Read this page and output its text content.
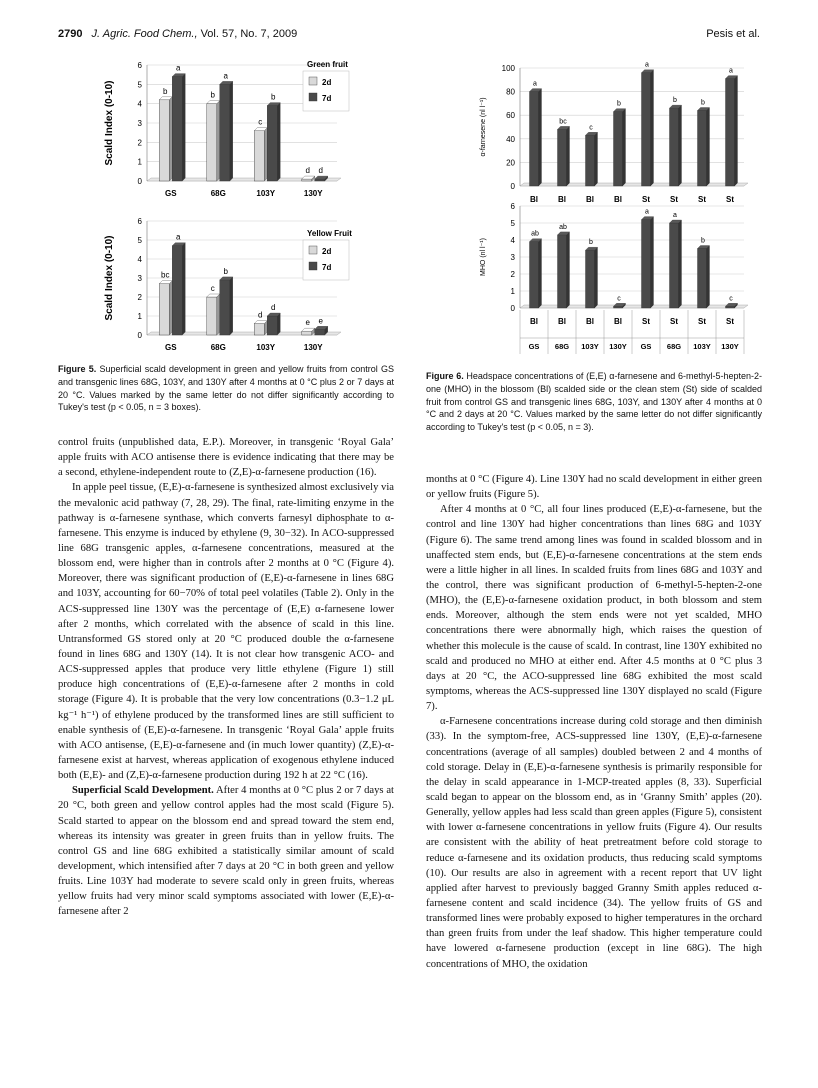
2790 J. Agric. Food Chem., Vol. 57, No. 7, 2009	Pesis et al.
0
1
2
3
4
5
6
Scald Index (0-10)	b
a
GS
b
a
68G
c
b
103Y
d d
130Y
Green fruit
2d
7d
0
1
2
3
4
5
6
Scald Index (0-10)	bc
a
GS
c
b
68G
d
d
103Y
e e
130Y
Yellow Fruit
2d
7d
0
20
40
60
80
100
α-farnesene (nl l⁻¹)
a
Bl
bc
Bl
c
Bl
b
Bl
a
St
b
St
b
St
a
St
0
1
2
3
4
5
6
MHO (nl l⁻¹)
ab
Bl
GS
ab
Bl
68G
b
Bl
103Y
c
Bl
130Y
a
St
GS
a
St
68G
b
St
103Y
c
St
130Y
Figure 5. Superficial scald development in green and yellow fruits from control GS and transgenic lines 68G, 103Y, and 130Y after 4 months at 0 °C plus 2 or 7 days at 20 °C. Values marked by the same letter do not differ significantly according to Tukey's test (p < 0.05, n = 3 boxes).
Figure 6. Headspace concentrations of (E,E) α-farnesene and 6-methyl-5-hepten-2-one (MHO) in the blossom (Bl) scalded side or the clean stem (St) side of scalded fruit from control GS and transgenic lines 68G, 103Y, and 130Y after 4 months at 0 °C and 2 days at 20 °C. Values marked by the same letter do not differ significantly according to Tukey's test (p < 0.05, n = 3).

control fruits (unpublished data, E.P.). Moreover, in transgenic ‘Royal Gala’ apple fruits with ACO antisense there is evidence indicating that there may be a second, ethylene-independent route to (Z,E)-α-farnesene production (16).

In apple peel tissue, (E,E)-α-farnesene is synthesized almost exclusively via the mevalonic acid pathway (7, 28, 29). The final, rate-limiting enzyme in the pathway is α-farnesene synthase, which converts farnesyl diphosphate to α-farnesene. This enzyme is induced by ethylene (9, 30−32). In ACO-suppressed line 68G transgenic apples, α-farnesene concentrations, measured at the blossom end, were higher than in controls after 2 months at 0 °C (Figure 4). Moreover, there was significant production of (E,E)-α-farnesene in lines 68G and 103Y, accounting for 60−70% of total peel volatiles (Table 2). Only in the ACS-suppressed line 130Y was the percentage of (E,E) α-farnesene lower after 2 months, which correlated with the absence of scald in this line. Untransformed GS stored only at 20 °C produced double the α-farnesene found in lines 68G and 130Y (14). It is not clear how transgenic ACO- and ACS-suppressed apples that produce very little ethylene (Figure 1) still produce high concentrations of (E,E)-α-farnesene after 2 months in cold storage (Figure 4). It is probable that the very low concentrations (0.3−1.2 μL kg⁻¹ h⁻¹) of ethylene produced by the transformed lines are still sufficient to enable synthesis of (E,E)-α-farnesene. In transgenic ‘Royal Gala’ apple fruits with ACO antisense, (E,E)-α-farnesene and (in much lower quantity) (Z,E)-α-farnesene exist at harvest, whereas application of exogenous ethylene induced both (E,E)- and (Z,E)-α-farnesene production during 192 h at 22 °C (16).

Superficial Scald Development. After 4 months at 0 °C plus 2 or 7 days at 20 °C, both green and yellow control apples had the most scald (Figure 5). Scald started to appear on the blossom end and spread toward the stem end, whereas its intensity was greater in green fruits than in yellow fruits. The control GS and line 68G exhibited a statistically similar amount of scald development, which intensified after 7 days at 20 °C in both green and yellow fruits. Line 103Y had moderate to severe scald only in green fruits, whereas yellow fruits had very minor scald symptoms associated with lower (E,E)-α-farnesene after 2

months at 0 °C (Figure 4). Line 130Y had no scald development in either green or yellow fruits (Figure 5).

After 4 months at 0 °C, all four lines produced (E,E)-α-farnesene, but the control and line 130Y had higher concentrations than lines 68G and 103Y (Figure 6). The same trend among lines was found in scalded blossom and in unaffected stem ends, but (E,E)-α-farnesene concentrations at the stem ends were a little higher in all lines. In scalded fruits from lines 68G and 103Y and the control, there was significant production of 6-methyl-5-hepten-2-one (MHO), the (E,E)-α-farnesene oxidation product, in both blossom and stem ends. Moreover, although the stem ends were not yet scalded, MHO concentrations there were abnormally high, which raises the question of whether this molecule is the cause of scald. In contrast, line 130Y exhibited no scald and produced no MHO at either end. After 4.5 months at 0 °C plus 3 days at 20 °C, the ACO-suppressed line 68G exhibited the most scald symptoms, whereas the ACS-suppressed line 130Y displayed no scald (Figure 7).

α-Farnesene concentrations increase during cold storage and then diminish (33). In the symptom-free, ACS-suppressed line 130Y, (E,E)-α-farnesene concentrations (average of all samples) doubled between 2 and 4 months of cold storage. Delay in (E,E)-α-farnesene synthesis is primarily responsible for the delay in scald appearance in 1-MCP-treated apples (8, 33). Superficial scald began to appear on the blossom end, as in ‘Granny Smith’ apples (20). Generally, yellow apples had less scald than green apples (Figure 5), consistent with lower α-farnesene concentrations in yellow fruits (Figure 4). Our results are consistent with the ability of heat pretreatment before cold storage to reduce α-farnesene and its oxidation products, thus reducing scald symptoms (10). Our results are also in agreement with a recent report that UV light applied after harvest to previously bagged Granny Smith apples reduced α-farnesene content and scald incidence (34). The yellow fruits of GS and transformed lines were probably exposed to higher temperatures in the orchard than green fruits from under the leaf shadow. This higher temperature could have lowered α-farnesene production (except in line 68G). The high concentrations of MHO, the oxidation
